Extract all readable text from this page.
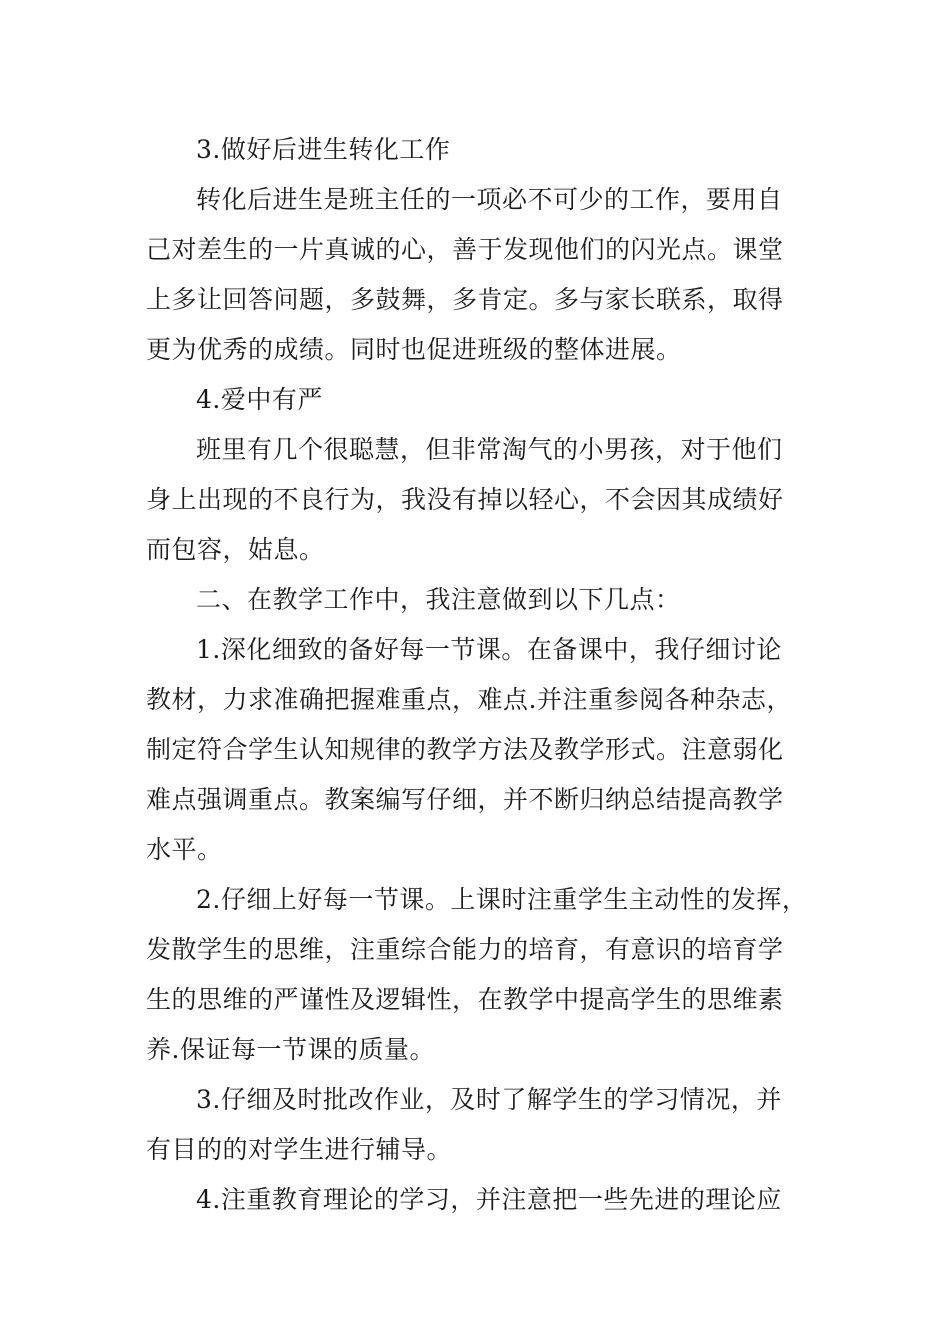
3.做好后进生转化工作
转化后进生是班主任的一项必不可少的工作，要用自
己对差生的一片真诚的心，善于发现他们的闪光点。课堂
上多让回答问题，多鼓舞，多肯定。多与家长联系，取得
更为优秀的成绩。同时也促进班级的整体进展。
4.爱中有严
班里有几个很聪慧，但非常淘气的小男孩，对于他们
身上出现的不良行为，我没有掉以轻心，不会因其成绩好
而包容，姑息。
二、在教学工作中，我注意做到以下几点：
1.深化细致的备好每一节课。在备课中，我仔细讨论
教材，力求准确把握难重点，难点.并注重参阅各种杂志，
制定符合学生认知规律的教学方法及教学形式。注意弱化
难点强调重点。教案编写仔细，并不断归纳总结提高教学
水平。
2.仔细上好每一节课。上课时注重学生主动性的发挥，
发散学生的思维，注重综合能力的培育，有意识的培育学
生的思维的严谨性及逻辑性，在教学中提高学生的思维素
养.保证每一节课的质量。
3.仔细及时批改作业，及时了解学生的学习情况，并
有目的的对学生进行辅导。
4.注重教育理论的学习，并注意把一些先进的理论应
